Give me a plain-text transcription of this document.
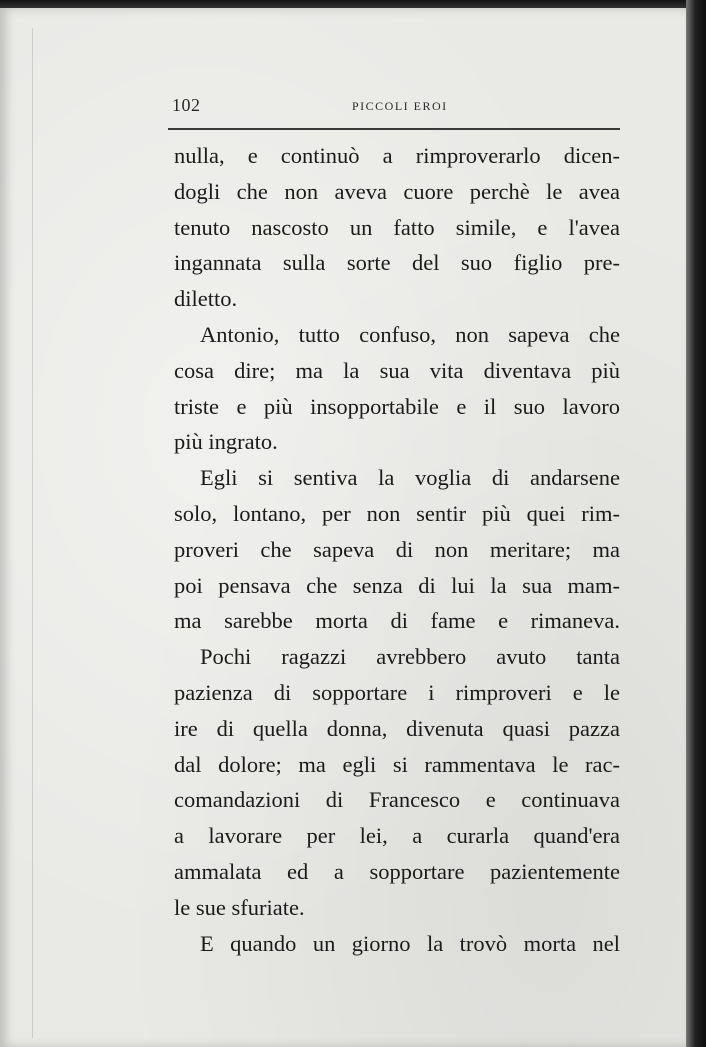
102	PICCOLI EROI
nulla, e continuò a rimproverarlo dicen-
dogli che non aveva cuore perchè le avea
tenuto nascosto un fatto simile, e l'avea
ingannata sulla sorte del suo figlio pre-
diletto.
Antonio, tutto confuso, non sapeva che
cosa dire; ma la sua vita diventava più
triste e più insopportabile e il suo lavoro
più ingrato.
Egli si sentiva la voglia di andarsene
solo, lontano, per non sentir più quei rim-
proveri che sapeva di non meritare; ma
poi pensava che senza di lui la sua mam-
ma sarebbe morta di fame e rimaneva.
Pochi ragazzi avrebbero avuto tanta
pazienza di sopportare i rimproveri e le
ire di quella donna, divenuta quasi pazza
dal dolore; ma egli si rammentava le rac-
comandazioni di Francesco e continuava
a lavorare per lei, a curarla quand'era
ammalata ed a sopportare pazientemente
le sue sfuriate.
E quando un giorno la trovò morta nel
